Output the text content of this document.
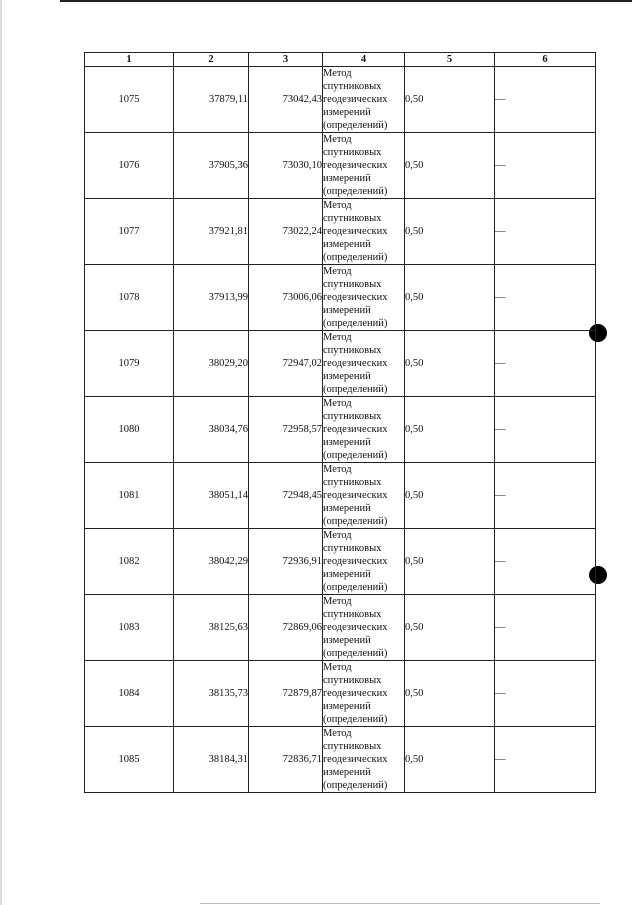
1	2	3	4	5	6
1075	37879,11	73042,43	Метод
спутниковых
геодезических
измерений
(определений)	0,50	—
1076	37905,36	73030,10	Метод
спутниковых
геодезических
измерений
(определений)	0,50	—
1077	37921,81	73022,24	Метод
спутниковых
геодезических
измерений
(определений)	0,50	—
1078	37913,99	73006,06	Метод
спутниковых
геодезических
измерений
(определений)	0,50	—
1079	38029,20	72947,02	Метод
спутниковых
геодезических
измерений
(определений)	0,50	—
1080	38034,76	72958,57	Метод
спутниковых
геодезических
измерений
(определений)	0,50	—
1081	38051,14	72948,45	Метод
спутниковых
геодезических
измерений
(определений)	0,50	—
1082	38042,29	72936,91	Метод
спутниковых
геодезических
измерений
(определений)	0,50	—
1083	38125,63	72869,06	Метод
спутниковых
геодезических
измерений
(определений)	0,50	—
1084	38135,73	72879,87	Метод
спутниковых
геодезических
измерений
(определений)	0,50	—
1085	38184,31	72836,71	Метод
спутниковых
геодезических
измерений
(определений)	0,50	—
